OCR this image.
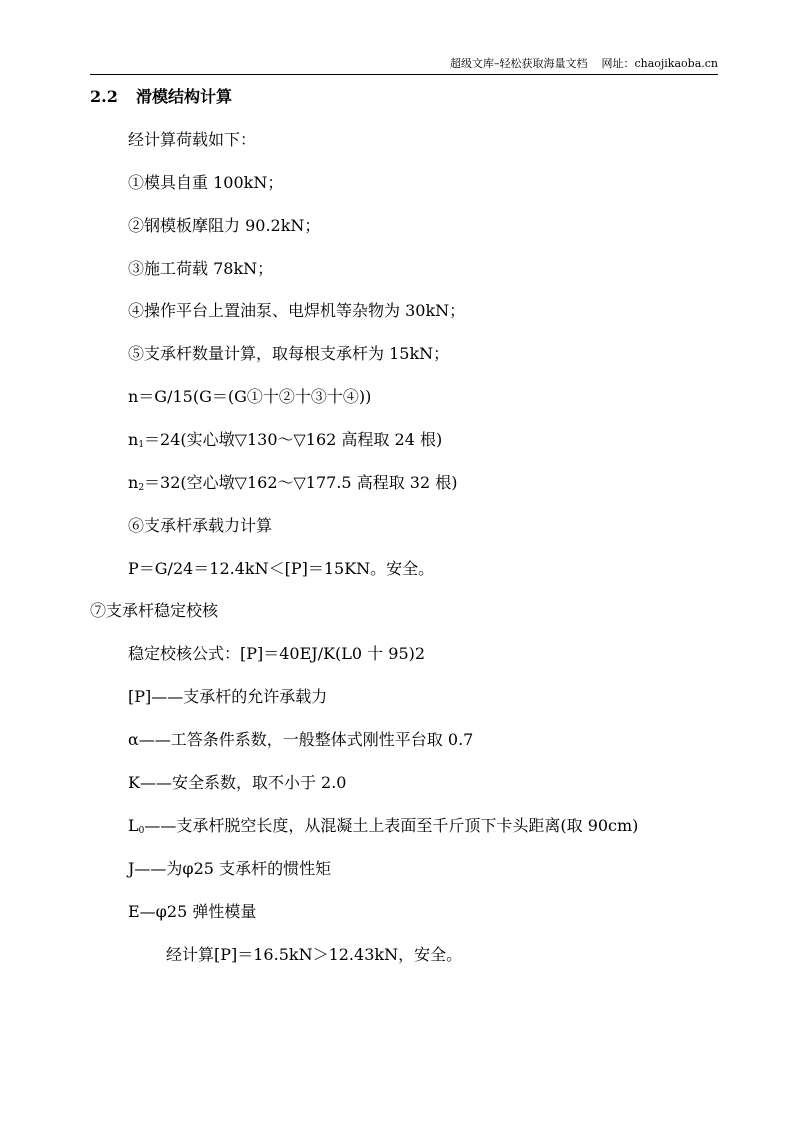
超级文库–轻松获取海量文档 网址：chaojikaoba.cn
2.2 滑模结构计算
经计算荷载如下：
①模具自重 100kN；
②钢模板摩阻力 90.2kN；
③施工荷载 78kN；
④操作平台上置油泵、电焊机等杂物为 30kN；
⑤支承杆数量计算，取每根支承杆为 15kN；
n＝G/15(G＝(G①十②十③十④))
$n_1=24$(实心墩▽130～▽162 高程取 24 根)
$n_2=32$(空心墩▽162～▽177.5 高程取 32 根)
⑥支承杆承载力计算
P＝G/24＝12.4kN＜[P]＝15KN。安全。
⑦支承杆稳定校核
稳定校核公式：[P]＝40EJ/K(L0 十 95)2
[P]——支承杆的允许承载力
α——工答条件系数，一般整体式刚性平台取 0.7
K——安全系数，取不小于 2.0
$L_0——$支承杆脱空长度，从混凝土上表面至千斤顶下卡头距离(取 90cm)
J——为φ25 支承杆的惯性矩
E—φ25 弹性模量
经计算[P]＝16.5kN＞12.43kN，安全。
